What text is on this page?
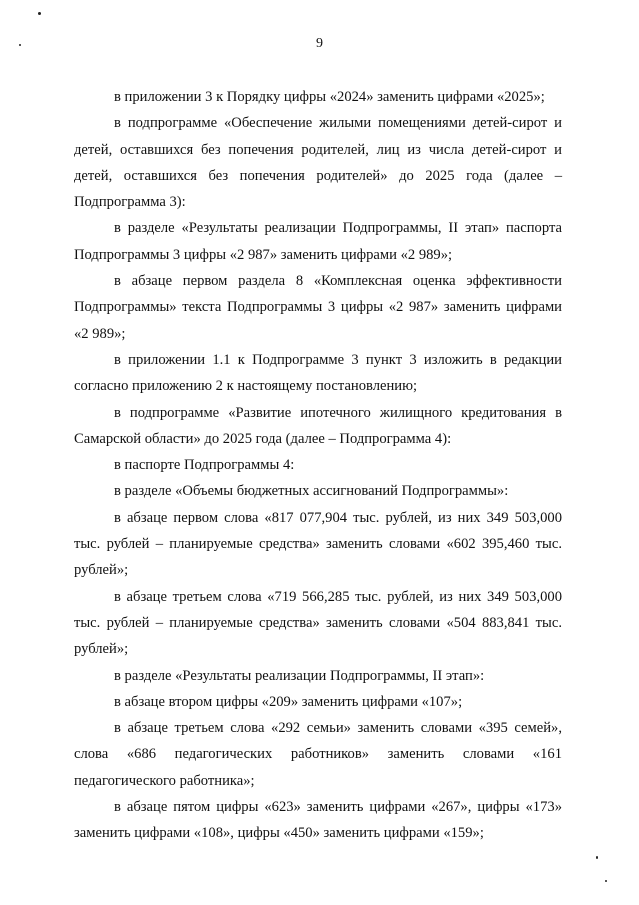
9

в приложении 3 к Порядку цифры «2024» заменить цифрами «2025»;

в подпрограмме «Обеспечение жилыми помещениями детей-сирот и детей, оставшихся без попечения родителей, лиц из числа детей-сирот и детей, оставшихся без попечения родителей» до 2025 года (далее – Подпрограмма 3):

в разделе «Результаты реализации Подпрограммы, II этап» паспорта Подпрограммы 3 цифры «2 987» заменить цифрами «2 989»;

в абзаце первом раздела 8 «Комплексная оценка эффективности Подпрограммы» текста Подпрограммы 3 цифры «2 987» заменить цифрами «2 989»;

в приложении 1.1 к Подпрограмме 3 пункт 3 изложить в редакции согласно приложению 2 к настоящему постановлению;

в подпрограмме «Развитие ипотечного жилищного кредитования в Самарской области» до 2025 года (далее – Подпрограмма 4):

в паспорте Подпрограммы 4:

в разделе «Объемы бюджетных ассигнований Подпрограммы»:

в абзаце первом слова «817 077,904 тыс. рублей, из них 349 503,000 тыс. рублей – планируемые средства» заменить словами «602 395,460 тыс. рублей»;

в абзаце третьем слова «719 566,285 тыс. рублей, из них 349 503,000 тыс. рублей – планируемые средства» заменить словами «504 883,841 тыс. рублей»;

в разделе «Результаты реализации Подпрограммы, II этап»:

в абзаце втором цифры «209» заменить цифрами «107»;

в абзаце третьем слова «292 семьи» заменить словами «395 семей», слова «686 педагогических работников» заменить словами «161 педагогического работника»;

в абзаце пятом цифры «623» заменить цифрами «267», цифры «173» заменить цифрами «108», цифры «450» заменить цифрами «159»;
